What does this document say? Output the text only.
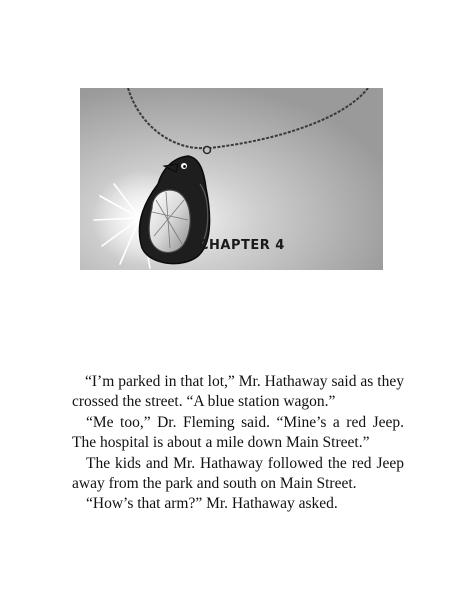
CHAPTER 4

“I’m parked in that lot,” Mr. Hathaway said as they crossed the street. “A blue station wagon.”

“Me too,” Dr. Fleming said. “Mine’s a red Jeep. The hospital is about a mile down Main Street.”

The kids and Mr. Hathaway followed the red Jeep away from the park and south on Main Street.

“How’s that arm?” Mr. Hathaway asked.
